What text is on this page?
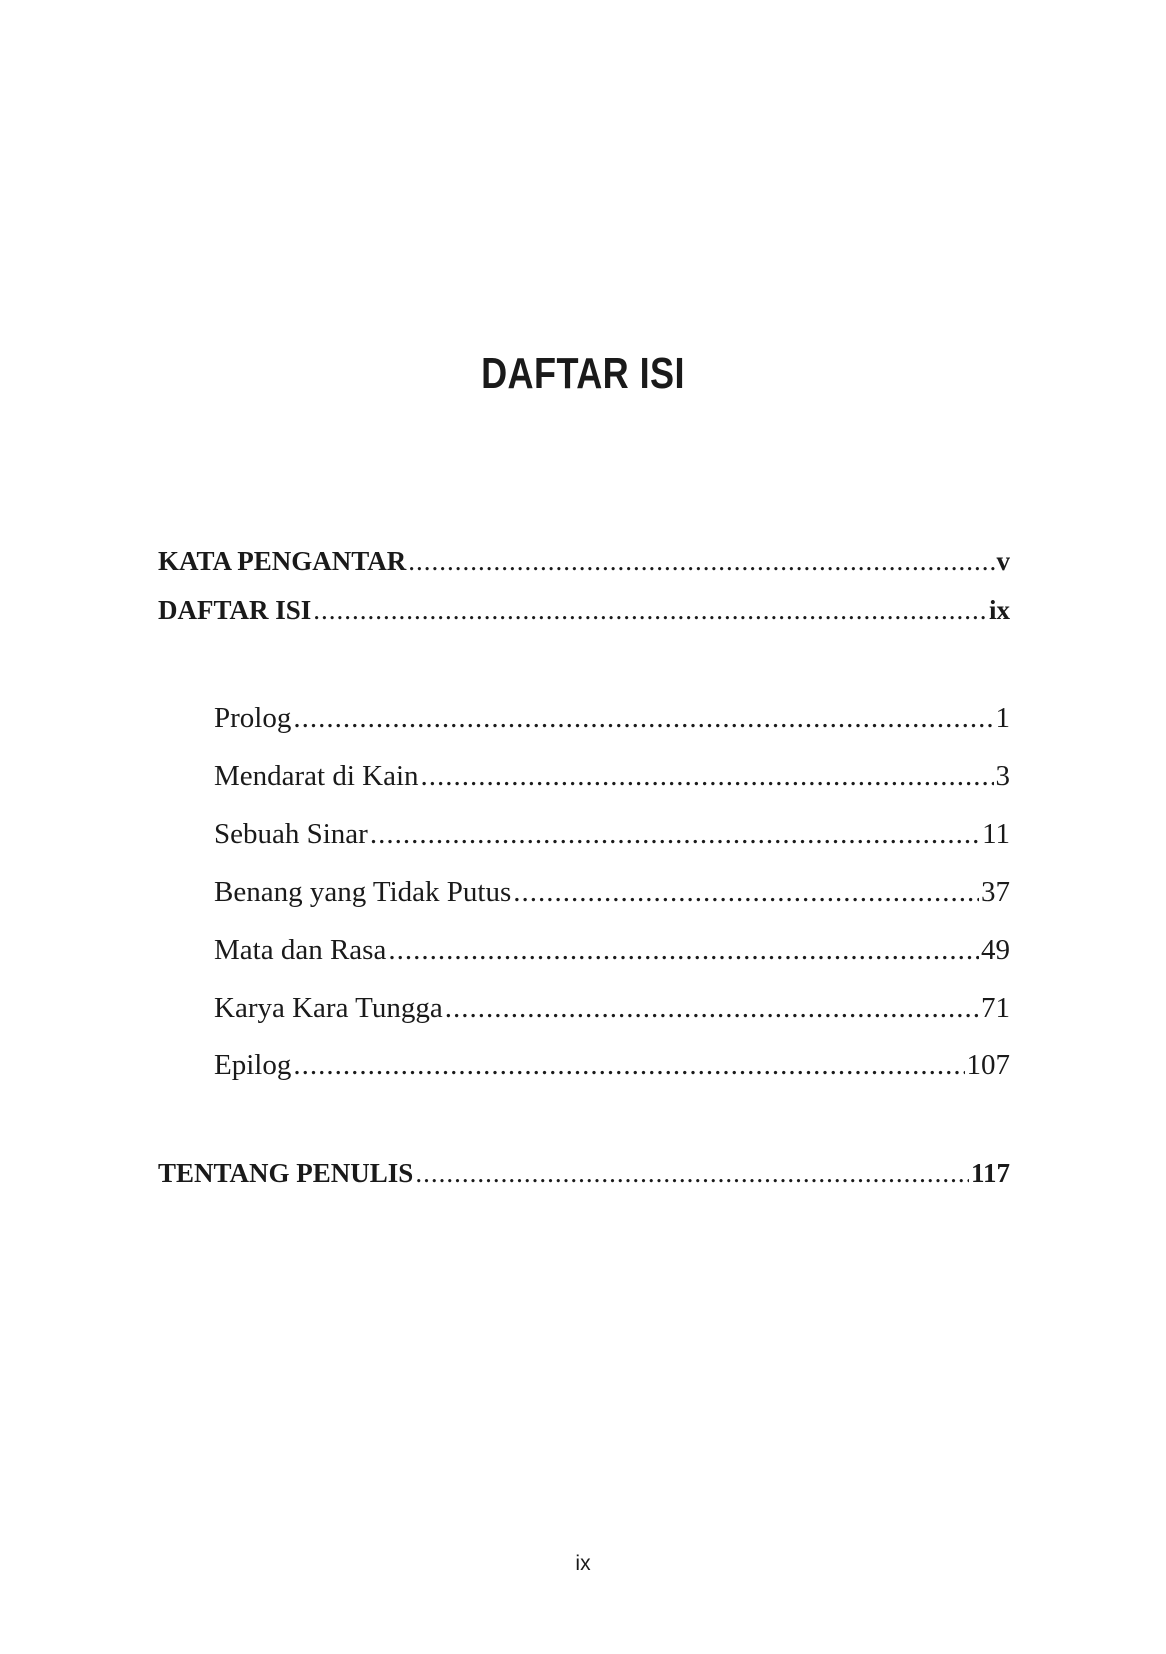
DAFTAR ISI
KATA PENGANTAR .....	v
DAFTAR ISI .....	ix
Prolog .....	1
Mendarat di Kain .....	3
Sebuah Sinar .....	11
Benang yang Tidak Putus .....	37
Mata dan Rasa .....	49
Karya Kara Tungga .....	71
Epilog .....	107
TENTANG PENULIS .....	117
ix
